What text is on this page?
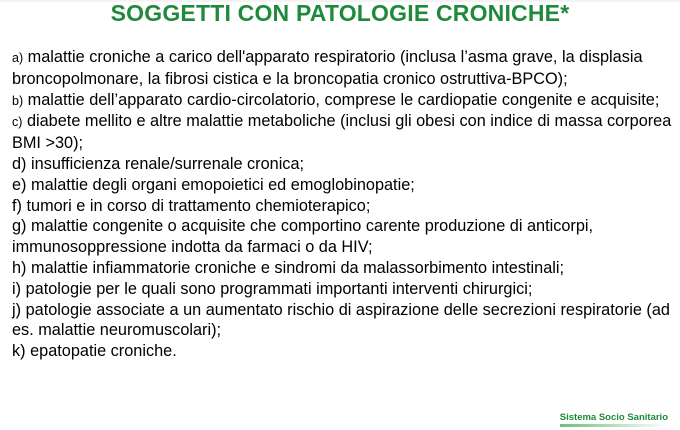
SOGGETTI CON PATOLOGIE CRONICHE*

a) malattie croniche a carico dell'apparato respiratorio (inclusa l’asma grave, la displasia broncopolmonare, la fibrosi cistica e la broncopatia cronico ostruttiva-BPCO);

b) malattie dell’apparato cardio-circolatorio, comprese le cardiopatie congenite e acquisite;

c) diabete mellito e altre malattie metaboliche (inclusi gli obesi con indice di massa corporea BMI >30);

d) insufficienza renale/surrenale cronica;

e) malattie degli organi emopoietici ed emoglobinopatie;

f) tumori e in corso di trattamento chemioterapico;

g) malattie congenite o acquisite che comportino carente produzione di anticorpi, immunosoppressione indotta da farmaci o da HIV;

h) malattie infiammatorie croniche e sindromi da malassorbimento intestinali;

i) patologie per le quali sono programmati importanti interventi chirurgici;

j) patologie associate a un aumentato rischio di aspirazione delle secrezioni respiratorie (ad es. malattie neuromuscolari);

k) epatopatie croniche.

Sistema Socio Sanitario
